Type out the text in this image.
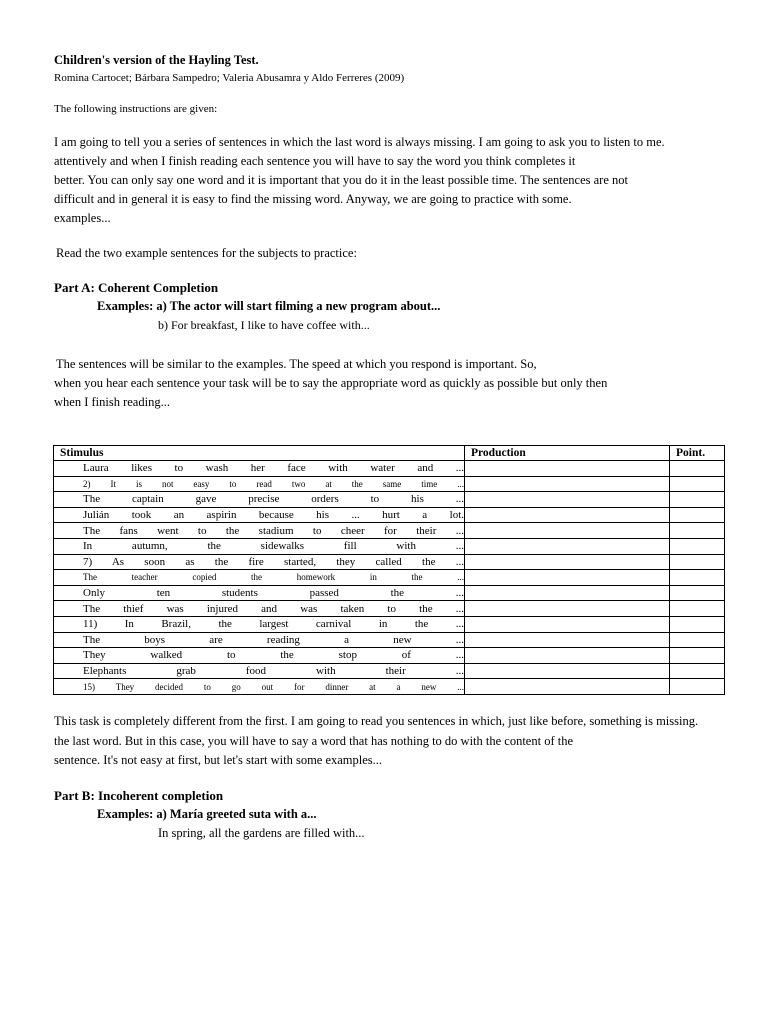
Children's version of the Hayling Test.
Romina Cartocet; Bárbara Sampedro; Valeria Abusamra y Aldo Ferreres (2009)
The following instructions are given:
I am going to tell you a series of sentences in which the last word is always missing. I am going to ask you to listen to me.
attentively and when I finish reading each sentence you will have to say the word you think completes it
better. You can only say one word and it is important that you do it in the least possible time. The sentences are not
difficult and in general it is easy to find the missing word. Anyway, we are going to practice with some.
examples...
Read the two example sentences for the subjects to practice:
Part A: Coherent Completion
Examples: a) The actor will start filming a new program about...
b) For breakfast, I like to have coffee with...
The sentences will be similar to the examples. The speed at which you respond is important. So,
when you hear each sentence your task will be to say the appropriate word as quickly as possible but only then
when I finish reading...
Stimulus	Production	Point.

Laura likes to wash her face with water and ...		

2) It is not easy to read two at the same time ...		

The captain gave precise orders to his ...		

Julián took an aspirin because his ... hurt a lot.		

The fans went to the stadium to cheer for their ...		

In autumn, the sidewalks fill with ...		

7) As soon as the fire started, they called the ...		

The teacher copied the homework in the ...		

Only ten students passed the ...		

The thief was injured and was taken to the ...		

11) In Brazil, the largest carnival in the ...		

The boys are reading a new ...		

They walked to the stop of ...		

Elephants grab food with their ...		

15) They decided to go out for dinner at a new ...		

This task is completely different from the first. I am going to read you sentences in which, just like before, something is missing.
the last word. But in this case, you will have to say a word that has nothing to do with the content of the
sentence. It's not easy at first, but let's start with some examples...
Part B: Incoherent completion
Examples: a) María greeted suta with a...
In spring, all the gardens are filled with...
